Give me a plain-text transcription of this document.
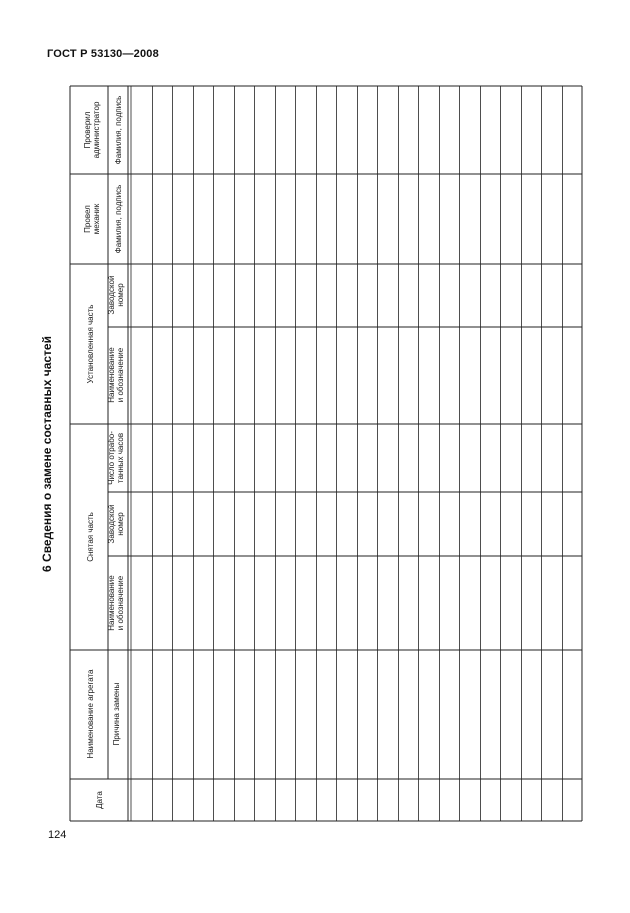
ГОСТ Р 53130—2008
6 Сведения о замене составных частей
Проверил администратор Фамилия, подпись
Провел механик Фамилия, подпись
Установленная часть
Заводской номер
Наименование и обозначение
Снятая часть
Число отрабо- танных часов
Заводской номер
Наименование и обозначение
Наименование агрегата Причина замены
Дата
124
